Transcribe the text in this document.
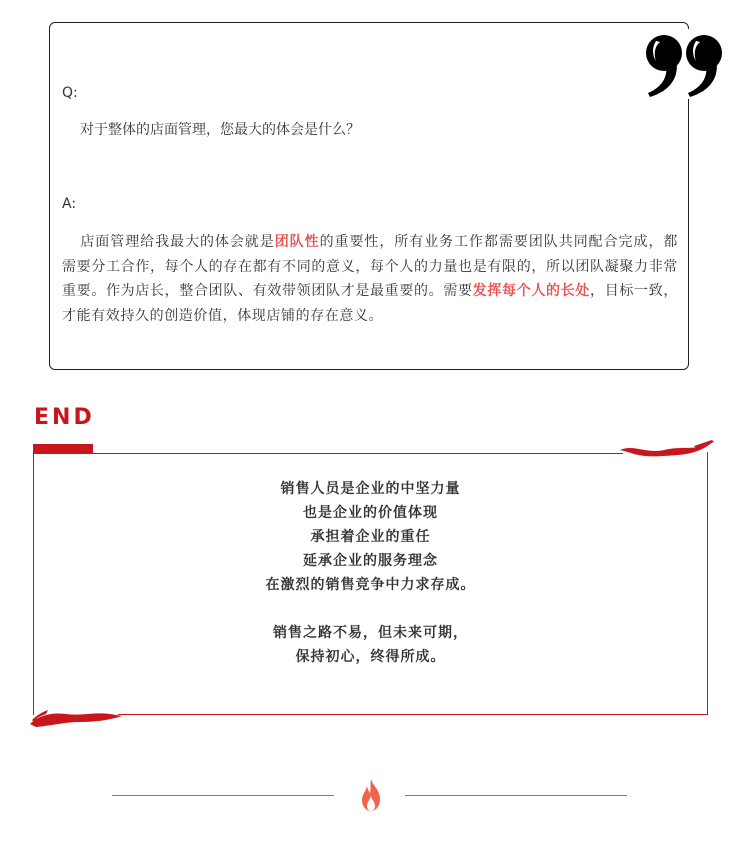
Q:
对于整体的店面管理，您最大的体会是什么？
A:
店面管理给我最大的体会就是团队性的重要性，所有业务工作都需要团队共同配合完成，都需要分工合作，每个人的存在都有不同的意义，每个人的力量也是有限的，所以团队凝聚力非常重要。作为店长，整合团队、有效带领团队才是最重要的。需要发挥每个人的长处，目标一致，才能有效持久的创造价值，体现店铺的存在意义。
END
销售人员是企业的中坚力量
也是企业的价值体现
承担着企业的重任
延承企业的服务理念
在激烈的销售竞争中力求存成。
销售之路不易，但未来可期，
保持初心，终得所成。
